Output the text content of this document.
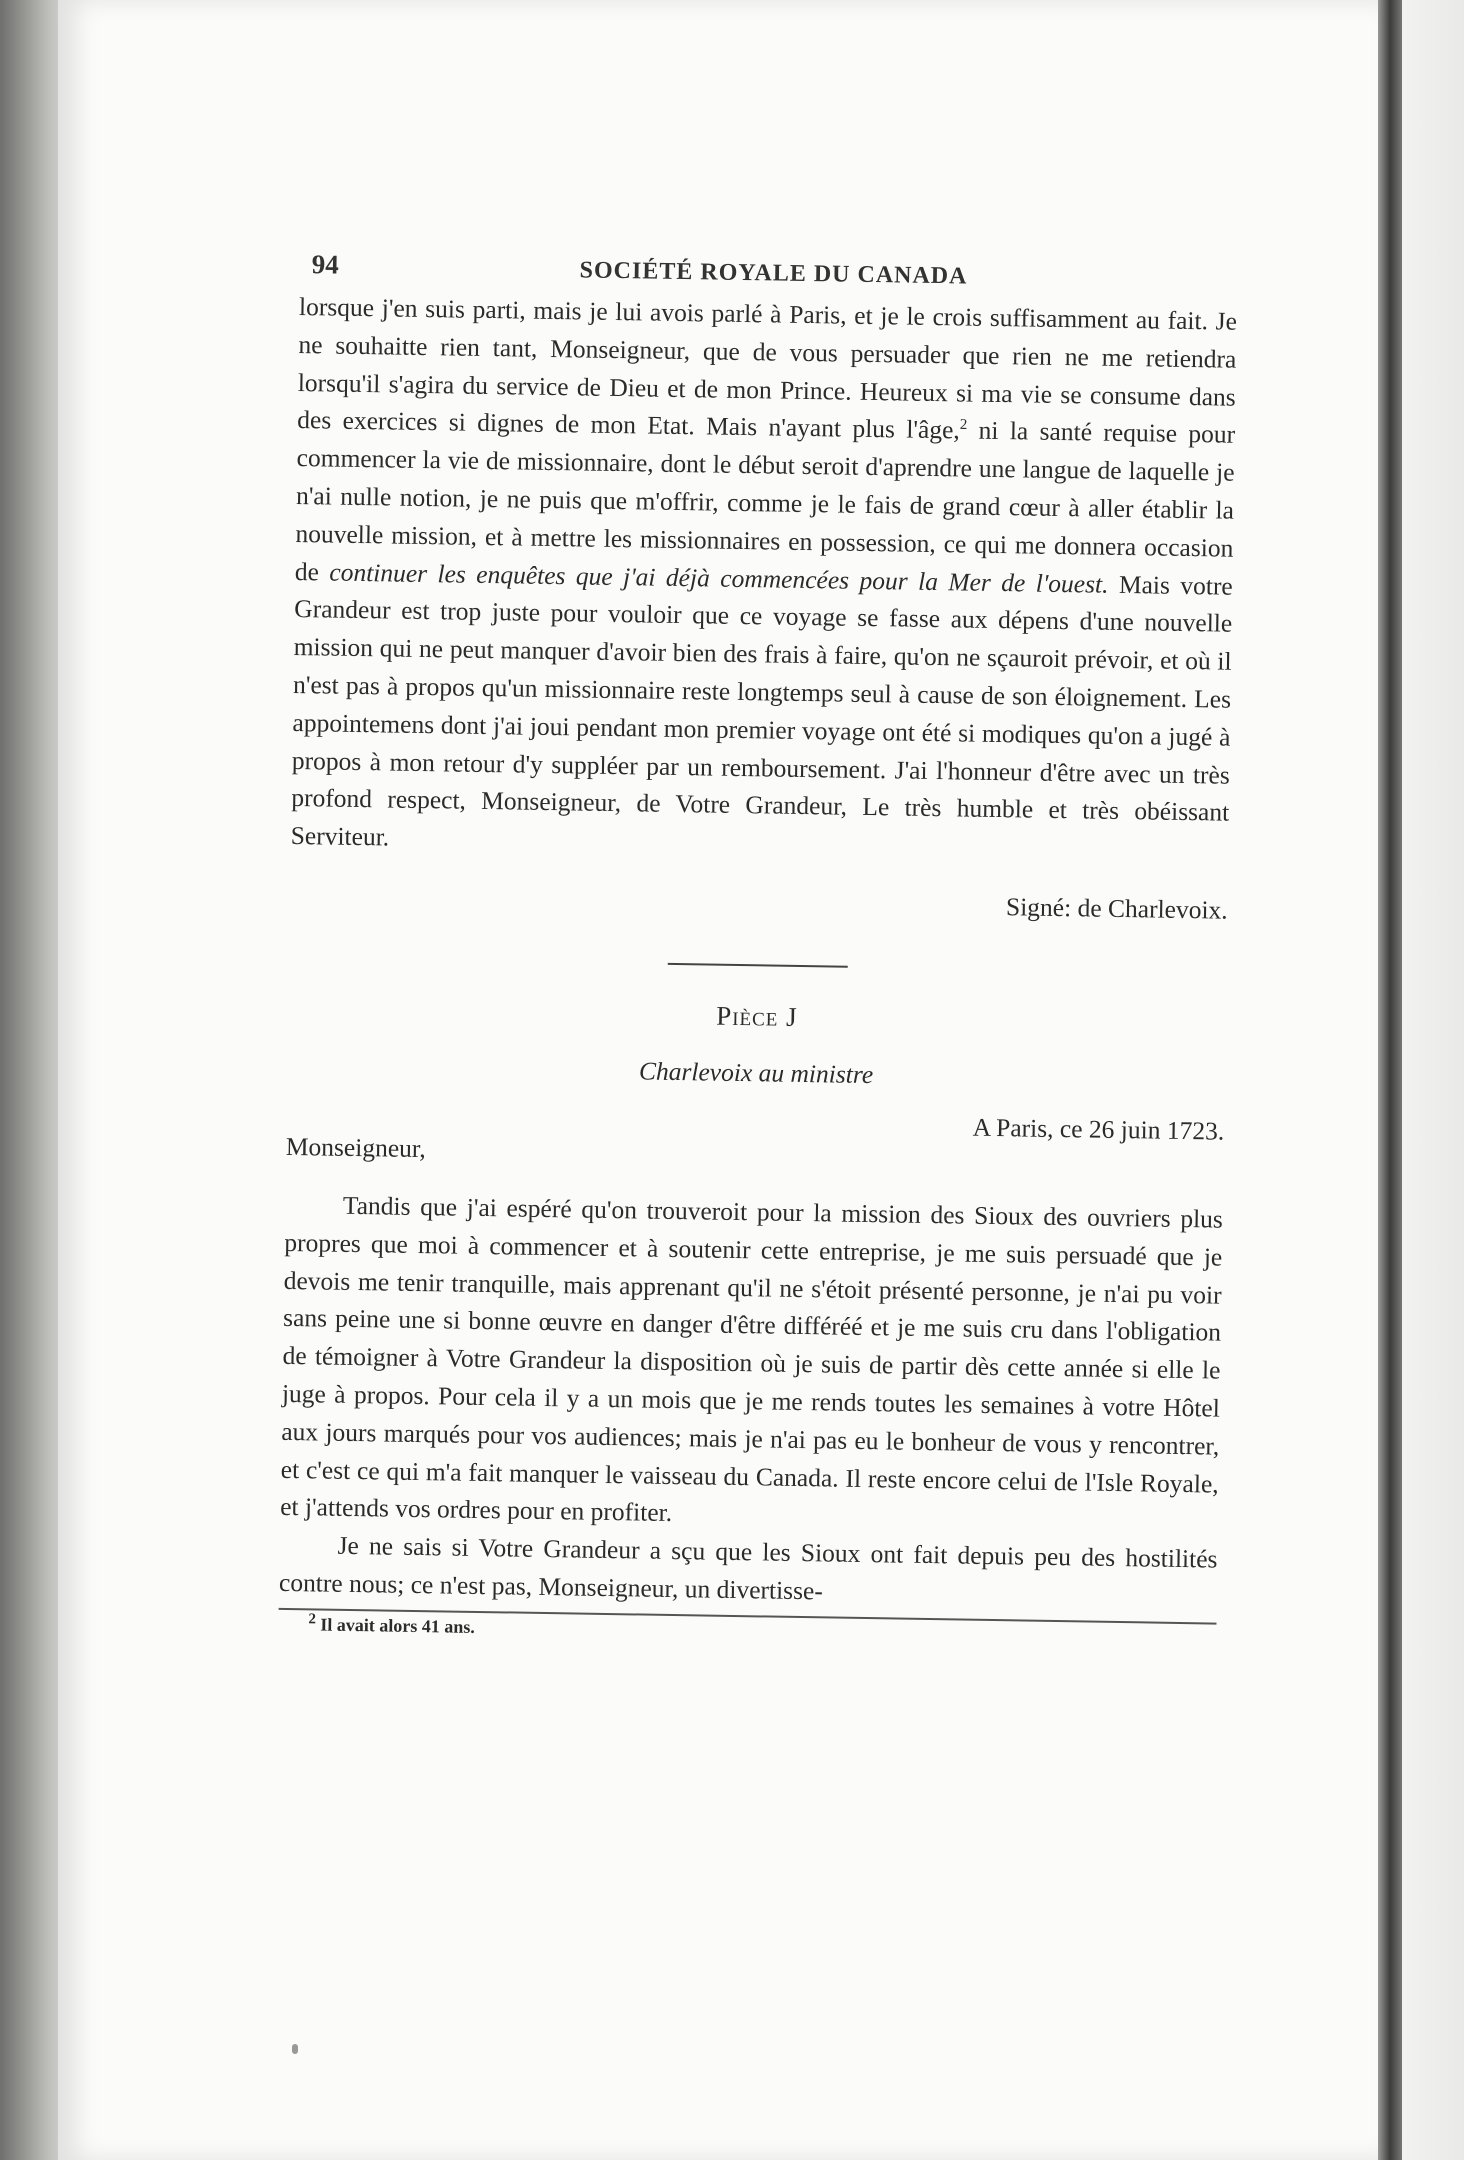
94	SOCIÉTÉ ROYALE DU CANADA

lorsque j'en suis parti, mais je lui avois parlé à Paris, et je le crois suffisamment au fait. Je ne souhaitte rien tant, Monseigneur, que de vous persuader que rien ne me retiendra lorsqu'il s'agira du service de Dieu et de mon Prince. Heureux si ma vie se consume dans des exercices si dignes de mon Etat. Mais n'ayant plus l'âge,$^2$ ni la santé requise pour commencer la vie de missionnaire, dont le début seroit d'aprendre une langue de laquelle je n'ai nulle notion, je ne puis que m'offrir, comme je le fais de grand cœur à aller établir la nouvelle mission, et à mettre les missionnaires en possession, ce qui me donnera occasion de continuer les enquêtes que j'ai déjà commencées pour la Mer de l'ouest. Mais votre Grandeur est trop juste pour vouloir que ce voyage se fasse aux dépens d'une nouvelle mission qui ne peut manquer d'avoir bien des frais à faire, qu'on ne sçauroit prévoir, et où il n'est pas à propos qu'un missionnaire reste longtemps seul à cause de son éloignement. Les appointemens dont j'ai joui pendant mon premier voyage ont été si modiques qu'on a jugé à propos à mon retour d'y suppléer par un remboursement. J'ai l'honneur d'être avec un très profond respect, Monseigneur, de Votre Grandeur, Le très humble et très obéissant Serviteur.

Signé: de Charlevoix.

Pièce J
Charlevoix au ministre
A Paris, ce 26 juin 1723.
Monseigneur,

Tandis que j'ai espéré qu'on trouveroit pour la mission des Sioux des ouvriers plus propres que moi à commencer et à soutenir cette entreprise, je me suis persuadé que je devois me tenir tranquille, mais apprenant qu'il ne s'étoit présenté personne, je n'ai pu voir sans peine une si bonne œuvre en danger d'être différéé et je me suis cru dans l'obligation de témoigner à Votre Grandeur la disposition où je suis de partir dès cette année si elle le juge à propos. Pour cela il y a un mois que je me rends toutes les semaines à votre Hôtel aux jours marqués pour vos audiences; mais je n'ai pas eu le bonheur de vous y rencontrer, et c'est ce qui m'a fait manquer le vaisseau du Canada. Il reste encore celui de l'Isle Royale, et j'attends vos ordres pour en profiter.

Je ne sais si Votre Grandeur a sçu que les Sioux ont fait depuis peu des hostilités contre nous; ce n'est pas, Monseigneur, un divertisse-

$^2$ Il avait alors 41 ans.
